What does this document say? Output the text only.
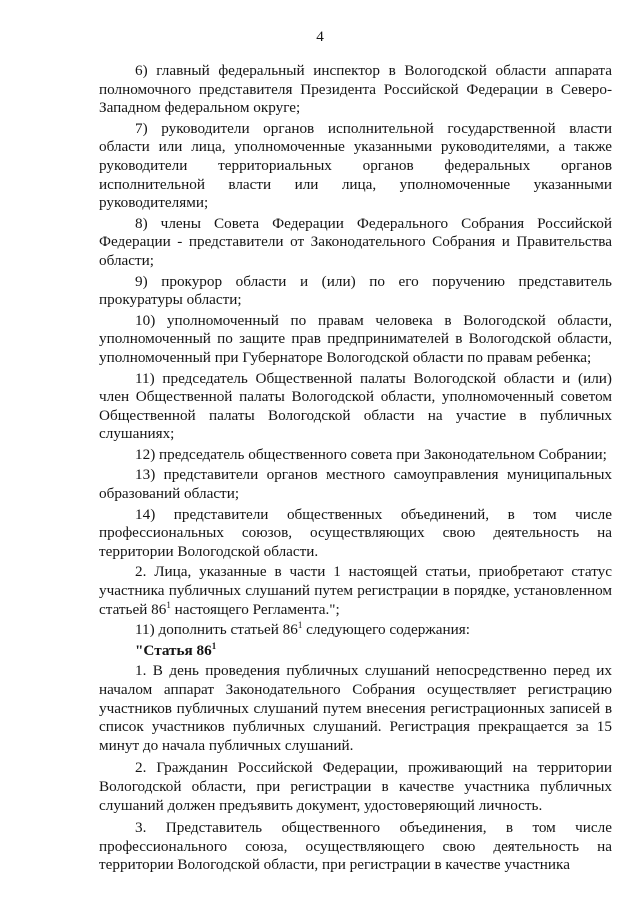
4

6) главный федеральный инспектор в Вологодской области аппарата полномочного представителя Президента Российской Федерации в Северо-Западном федеральном округе;

7) руководители органов исполнительной государственной власти области или лица, уполномоченные указанными руководителями, а также руководители территориальных органов федеральных органов исполнительной власти или лица, уполномоченные указанными руководителями;

8) члены Совета Федерации Федерального Собрания Российской Федерации - представители от Законодательного Собрания и Правительства области;

9) прокурор области и (или) по его поручению представитель прокуратуры области;

10) уполномоченный по правам человека в Вологодской области, уполномоченный по защите прав предпринимателей в Вологодской области, уполномоченный при Губернаторе Вологодской области по правам ребенка;

11) председатель Общественной палаты Вологодской области и (или) член Общественной палаты Вологодской области, уполномоченный советом Общественной палаты Вологодской области на участие в публичных слушаниях;

12) председатель общественного совета при Законодательном Собрании;

13) представители органов местного самоуправления муниципальных образований области;

14) представители общественных объединений, в том числе профессиональных союзов, осуществляющих свою деятельность на территории Вологодской области.

2. Лица, указанные в части 1 настоящей статьи, приобретают статус участника публичных слушаний путем регистрации в порядке, установленном статьей $86^1$ настоящего Регламента.";

11) дополнить статьей $86^1$ следующего содержания:

"Статья $86^1$

1. В день проведения публичных слушаний непосредственно перед их началом аппарат Законодательного Собрания осуществляет регистрацию участников публичных слушаний путем внесения регистрационных записей в список участников публичных слушаний. Регистрация прекращается за 15 минут до начала публичных слушаний.

2. Гражданин Российской Федерации, проживающий на территории Вологодской области, при регистрации в качестве участника публичных слушаний должен предъявить документ, удостоверяющий личность.

3. Представитель общественного объединения, в том числе профессионального союза, осуществляющего свою деятельность на территории Вологодской области, при регистрации в качестве участника
